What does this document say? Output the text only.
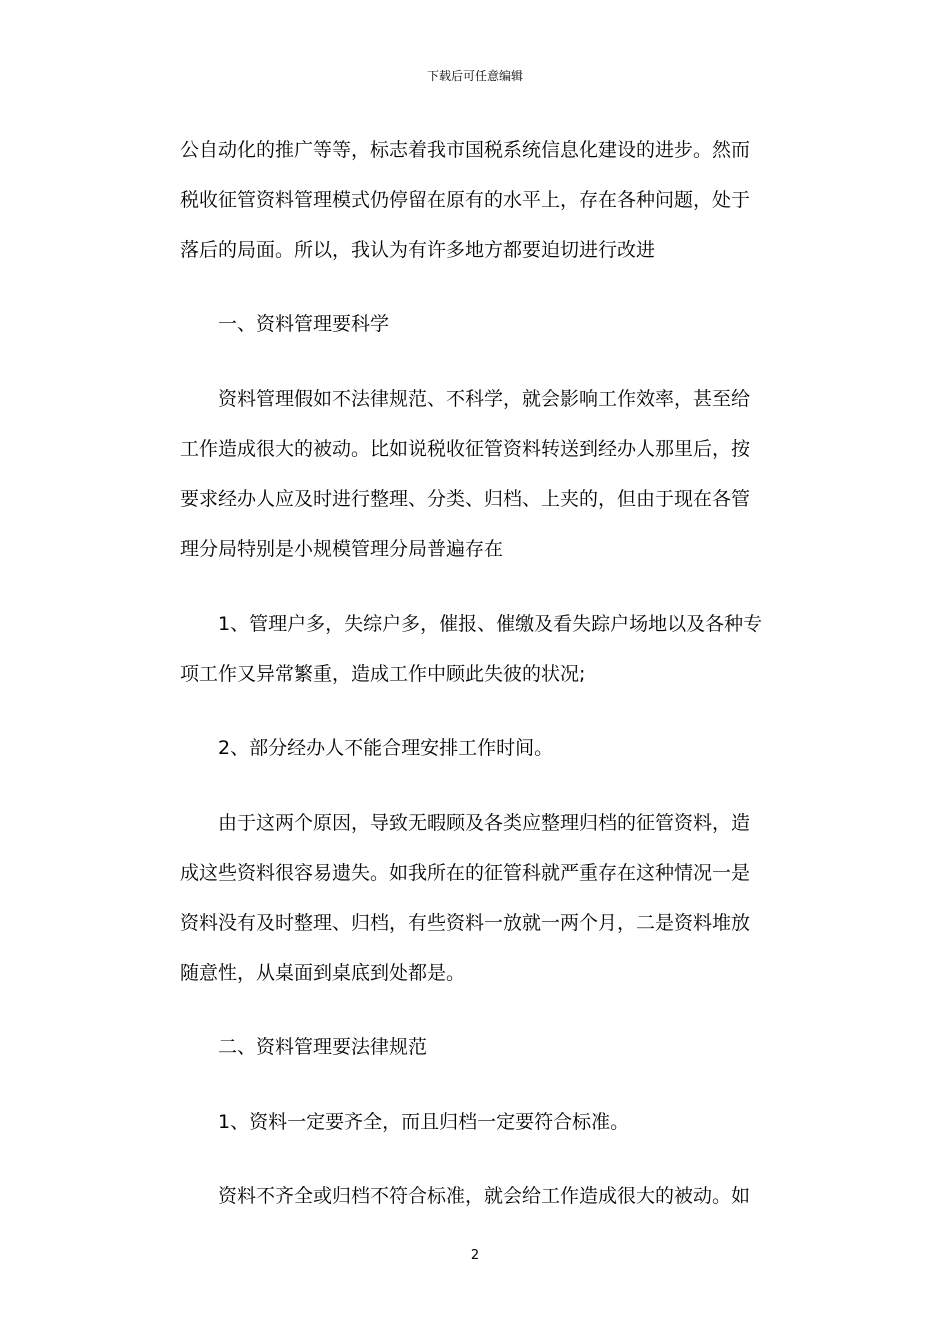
下载后可任意编辑
公自动化的推广等等，标志着我市国税系统信息化建设的进步。然而
税收征管资料管理模式仍停留在原有的水平上，存在各种问题，处于
落后的局面。所以，我认为有许多地方都要迫切进行改进
　　一、资料管理要科学
　　资料管理假如不法律规范、不科学，就会影响工作效率，甚至给
工作造成很大的被动。比如说税收征管资料转送到经办人那里后，按
要求经办人应及时进行整理、分类、归档、上夹的，但由于现在各管
理分局特别是小规模管理分局普遍存在
　　1、管理户多，失综户多，催报、催缴及看失踪户场地以及各种专
项工作又异常繁重，造成工作中顾此失彼的状况;
　　2、部分经办人不能合理安排工作时间。
　　由于这两个原因，导致无暇顾及各类应整理归档的征管资料，造
成这些资料很容易遗失。如我所在的征管科就严重存在这种情况一是
资料没有及时整理、归档，有些资料一放就一两个月，二是资料堆放
随意性，从桌面到桌底到处都是。
　　二、资料管理要法律规范
　　1、资料一定要齐全，而且归档一定要符合标准。
　　资料不齐全或归档不符合标准，就会给工作造成很大的被动。如
2
